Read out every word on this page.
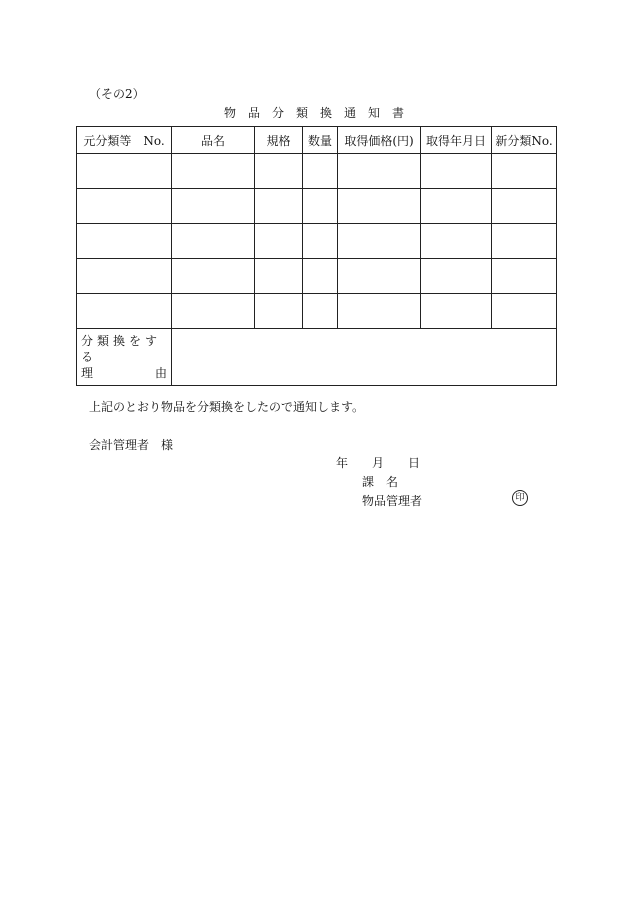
（その2）
物品分類換通知書
元分類等　No.	品名	規格	数量	取得価格(円)	取得年月日	新分類No.

分類換をする
理 由						

上記のとおり物品を分類換をしたので通知します。
会計管理者　様
年 月 日
課　名
物品管理者	印
